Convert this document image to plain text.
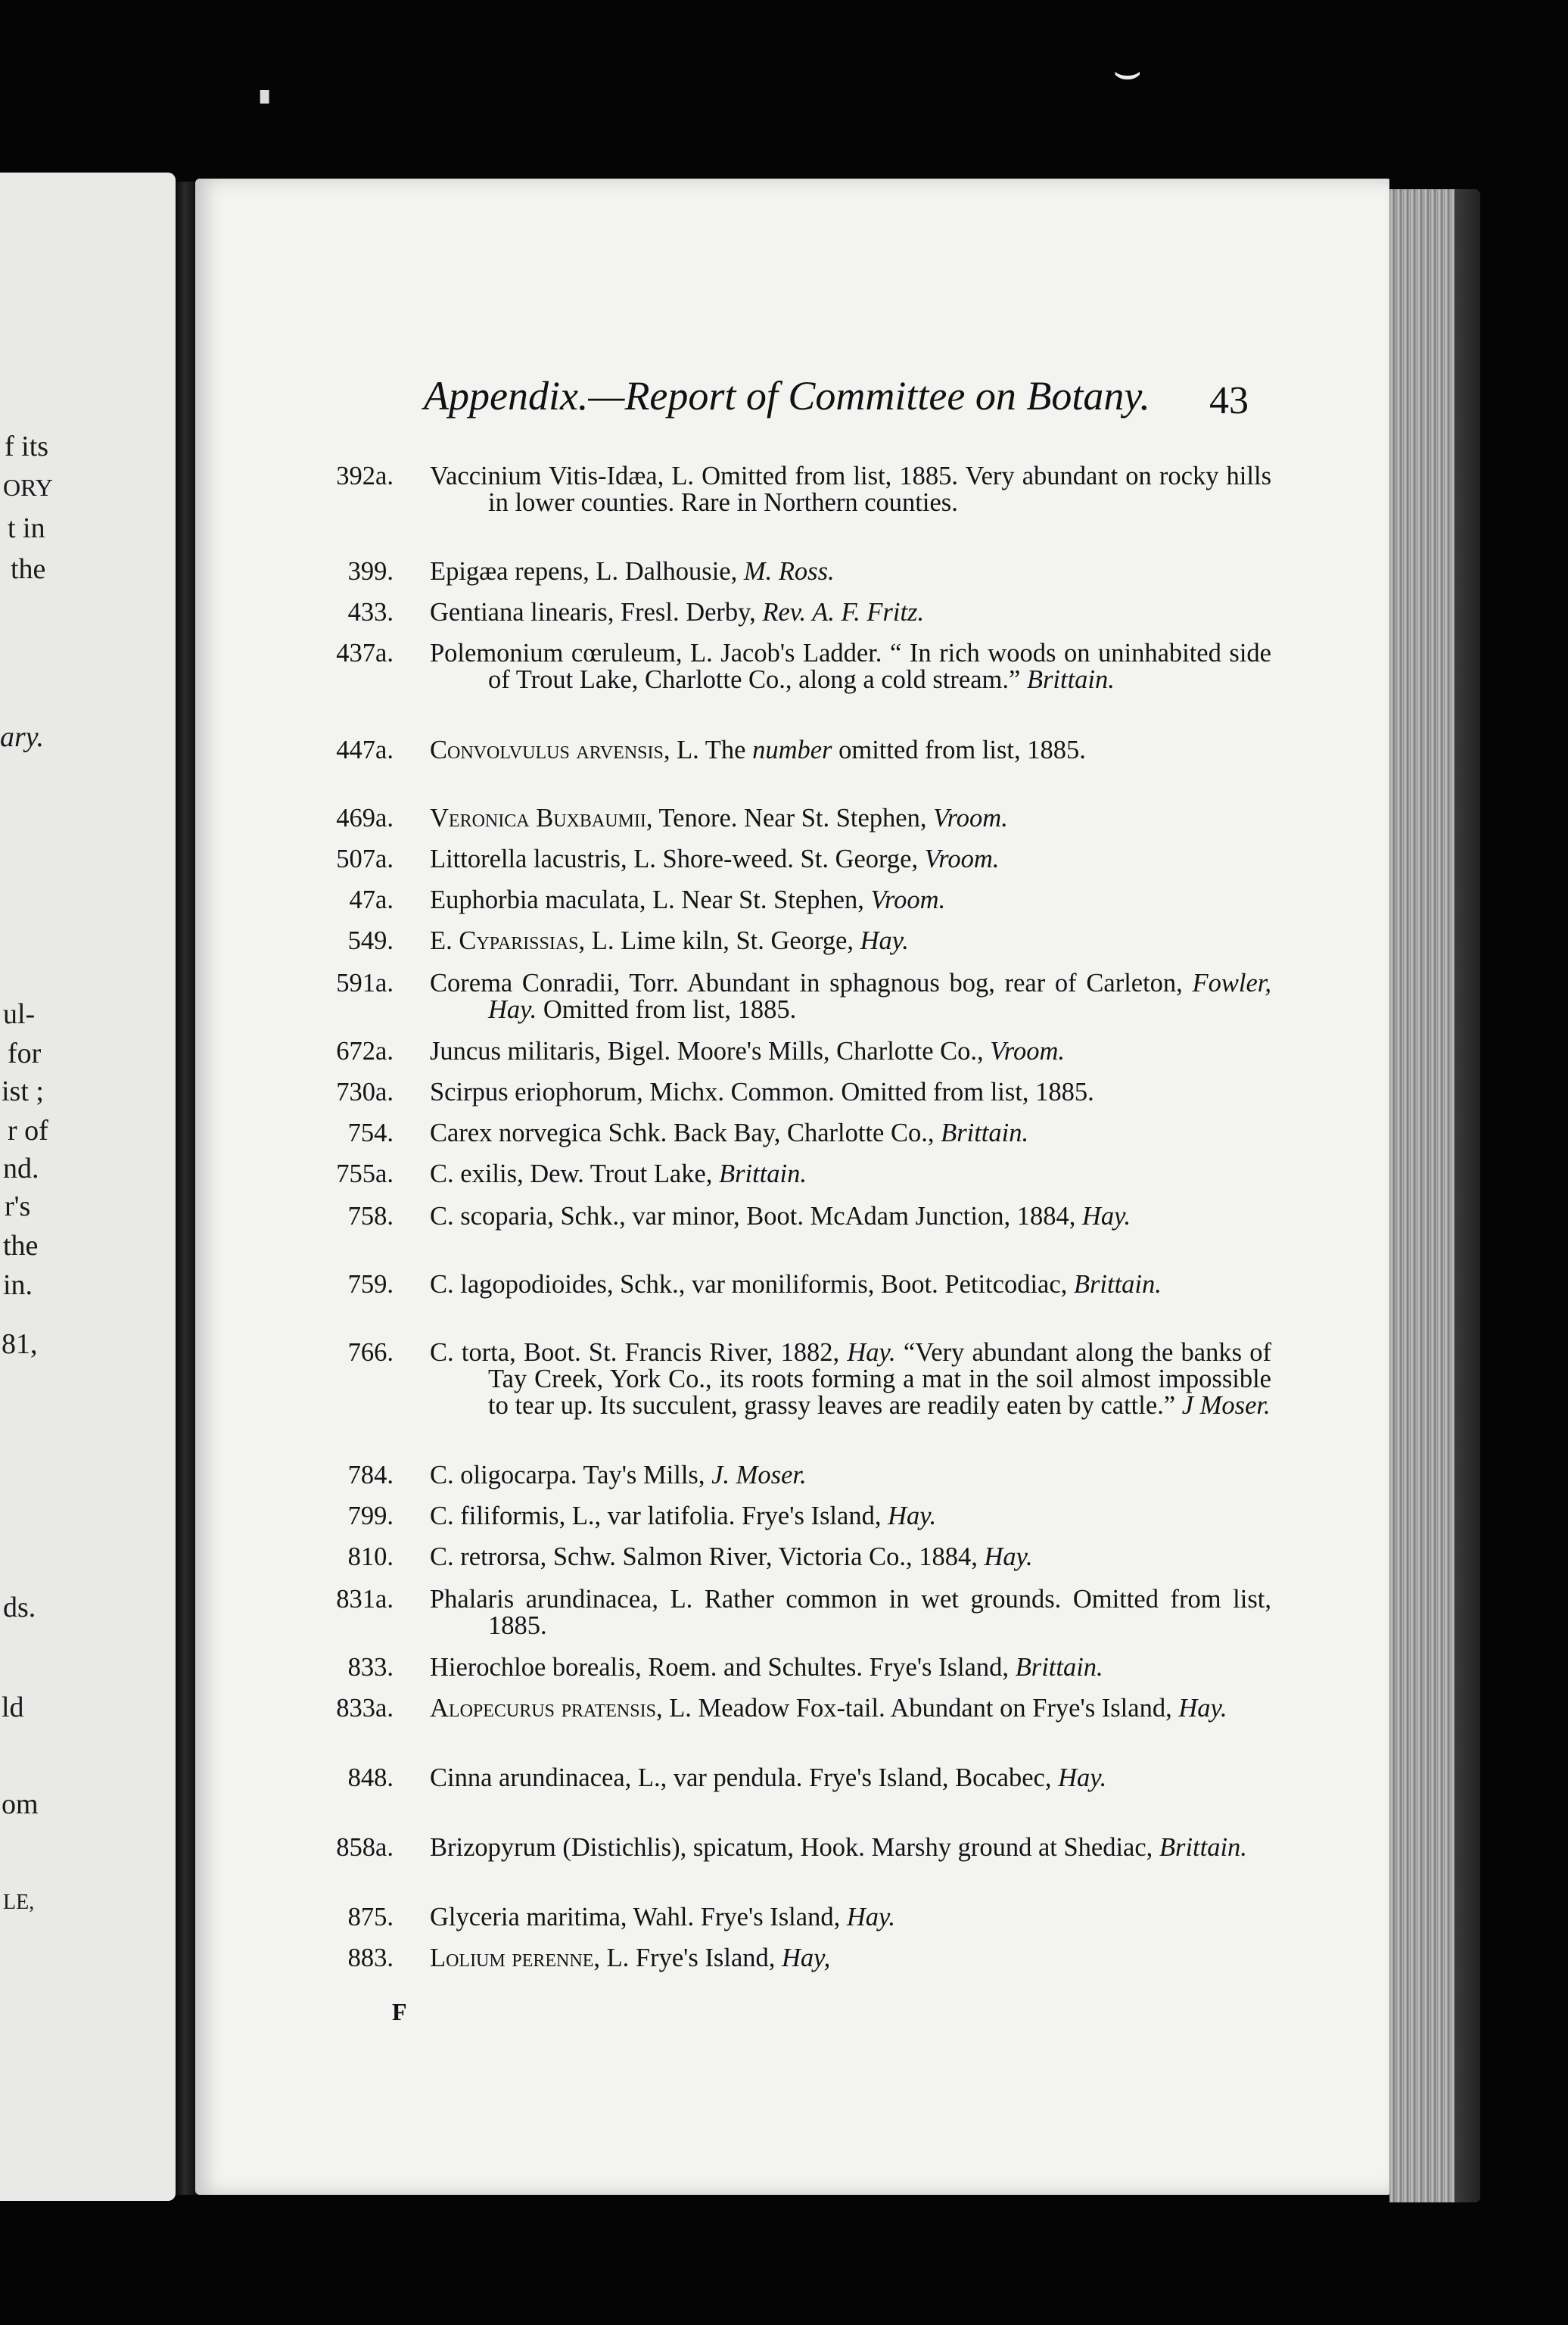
f its
ORY
t in
the
ary.
ul-
for
ist ;
r of
nd.
r's
the
in.
81,
ds.
ld
om
LE,
▘
⌣
Appendix.—Report of Committee on Botany.	43
392a. Vaccinium Vitis-Idæa, L. Omitted from list, 1885. Very abundant on rocky hills in lower counties. Rare in Northern counties.
399. Epigæa repens, L. Dalhousie, M. Ross.
433. Gentiana linearis, Fresl. Derby, Rev. A. F. Fritz.
437a. Polemonium cœruleum, L. Jacob's Ladder. “ In rich woods on uninhabited side of Trout Lake, Charlotte Co., along a cold stream.” Brittain.
447a. Convolvulus arvensis, L. The number omitted from list, 1885.
469a. Veronica Buxbaumii, Tenore. Near St. Stephen, Vroom.
507a. Littorella lacustris, L. Shore-weed. St. George, Vroom.
47a. Euphorbia maculata, L. Near St. Stephen, Vroom.
549. E. Cyparissias, L. Lime kiln, St. George, Hay.
591a. Corema Conradii, Torr. Abundant in sphagnous bog, rear of Carleton, Fowler, Hay. Omitted from list, 1885.
672a. Juncus militaris, Bigel. Moore's Mills, Charlotte Co., Vroom.
730a. Scirpus eriophorum, Michx. Common. Omitted from list, 1885.
754. Carex norvegica Schk. Back Bay, Charlotte Co., Brittain.
755a. C. exilis, Dew. Trout Lake, Brittain.
758. C. scoparia, Schk., var minor, Boot. McAdam Junction, 1884, Hay.
759. C. lagopodioides, Schk., var moniliformis, Boot. Petitcodiac, Brittain.
766. C. torta, Boot. St. Francis River, 1882, Hay. “Very abundant along the banks of Tay Creek, York Co., its roots forming a mat in the soil almost impossible to tear up. Its succulent, grassy leaves are readily eaten by cattle.” J Moser.
784. C. oligocarpa. Tay's Mills, J. Moser.
799. C. filiformis, L., var latifolia. Frye's Island, Hay.
810. C. retrorsa, Schw. Salmon River, Victoria Co., 1884, Hay.
831a. Phalaris arundinacea, L. Rather common in wet grounds. Omitted from list, 1885.
833. Hierochloe borealis, Roem. and Schultes. Frye's Island, Brittain.
833a. Alopecurus pratensis, L. Meadow Fox-tail. Abundant on Frye's Island, Hay.
848. Cinna arundinacea, L., var pendula. Frye's Island, Bocabec, Hay.
858a. Brizopyrum (Distichlis), spicatum, Hook. Marshy ground at Shediac, Brittain.
875. Glyceria maritima, Wahl. Frye's Island, Hay.
883. Lolium perenne, L. Frye's Island, Hay,
F
